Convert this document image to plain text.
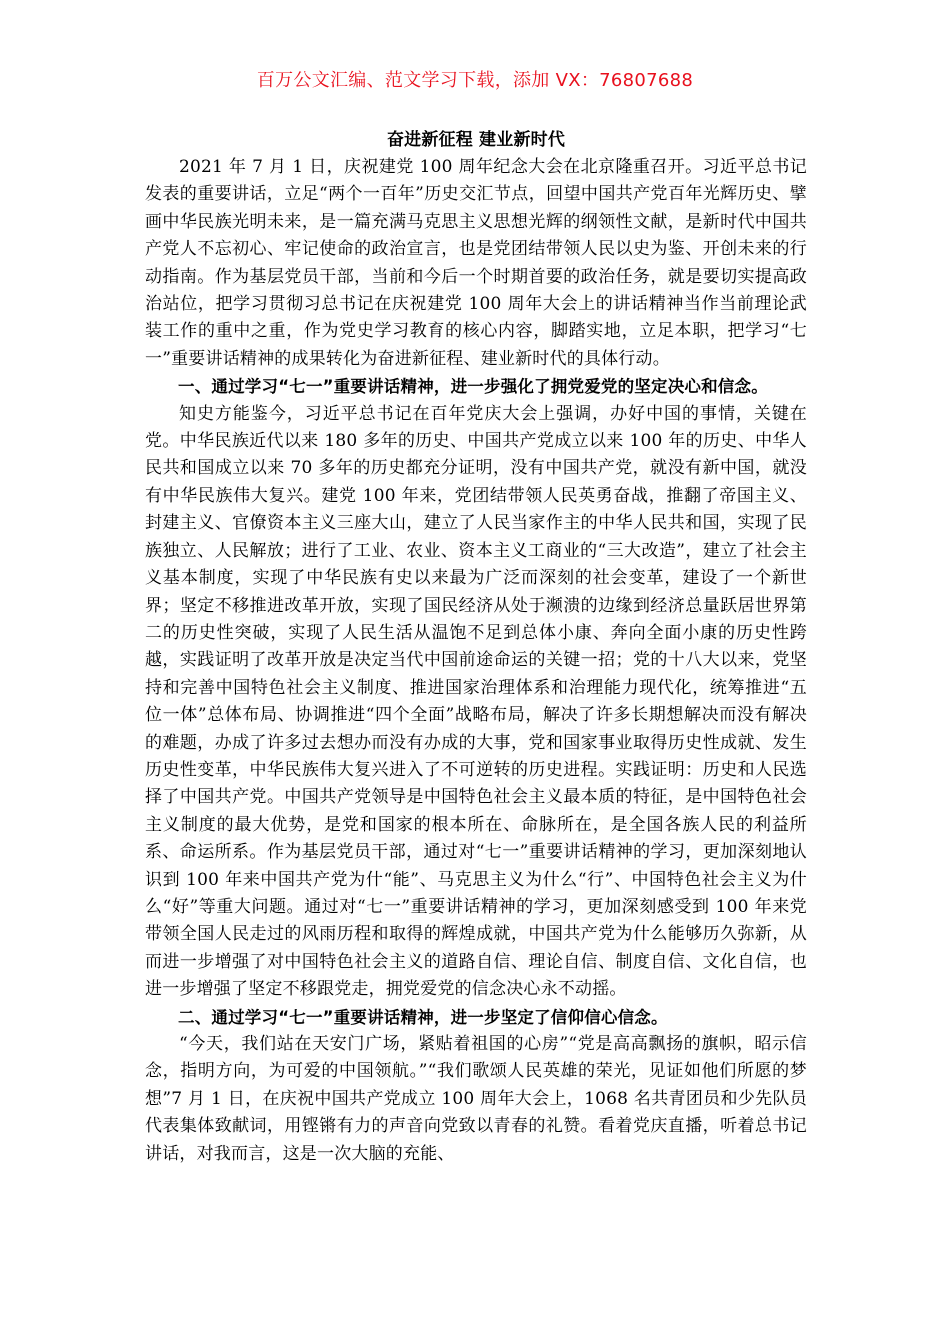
百万公文汇编、范文学习下载，添加 VX：76807688
奋进新征程 建业新时代

2021 年 7 月 1 日，庆祝建党 100 周年纪念大会在北京隆重召开。习近平总书记发表的重要讲话，立足“两个一百年”历史交汇节点，回望中国共产党百年光辉历史、擘画中华民族光明未来，是一篇充满马克思主义思想光辉的纲领性文献，是新时代中国共产党人不忘初心、牢记使命的政治宣言，也是党团结带领人民以史为鉴、开创未来的行动指南。作为基层党员干部，当前和今后一个时期首要的政治任务，就是要切实提高政治站位，把学习贯彻习总书记在庆祝建党 100 周年大会上的讲话精神当作当前理论武装工作的重中之重，作为党史学习教育的核心内容，脚踏实地，立足本职，把学习“七一”重要讲话精神的成果转化为奋进新征程、建业新时代的具体行动。

一、通过学习“七一”重要讲话精神，进一步强化了拥党爱党的坚定决心和信念。

知史方能鉴今，习近平总书记在百年党庆大会上强调，办好中国的事情，关键在党。中华民族近代以来 180 多年的历史、中国共产党成立以来 100 年的历史、中华人民共和国成立以来 70 多年的历史都充分证明，没有中国共产党，就没有新中国，就没有中华民族伟大复兴。建党 100 年来，党团结带领人民英勇奋战，推翻了帝国主义、封建主义、官僚资本主义三座大山，建立了人民当家作主的中华人民共和国，实现了民族独立、人民解放；进行了工业、农业、资本主义工商业的“三大改造”，建立了社会主义基本制度，实现了中华民族有史以来最为广泛而深刻的社会变革，建设了一个新世界；坚定不移推进改革开放，实现了国民经济从处于濒溃的边缘到经济总量跃居世界第二的历史性突破，实现了人民生活从温饱不足到总体小康、奔向全面小康的历史性跨越，实践证明了改革开放是决定当代中国前途命运的关键一招；党的十八大以来，党坚持和完善中国特色社会主义制度、推进国家治理体系和治理能力现代化，统筹推进“五位一体”总体布局、协调推进“四个全面”战略布局，解决了许多长期想解决而没有解决的难题，办成了许多过去想办而没有办成的大事，党和国家事业取得历史性成就、发生历史性变革，中华民族伟大复兴进入了不可逆转的历史进程。实践证明：历史和人民选择了中国共产党。中国共产党领导是中国特色社会主义最本质的特征，是中国特色社会主义制度的最大优势，是党和国家的根本所在、命脉所在，是全国各族人民的利益所系、命运所系。作为基层党员干部，通过对“七一”重要讲话精神的学习，更加深刻地认识到 100 年来中国共产党为什“能”、马克思主义为什么“行”、中国特色社会主义为什么“好”等重大问题。通过对“七一”重要讲话精神的学习，更加深刻感受到 100 年来党带领全国人民走过的风雨历程和取得的辉煌成就，中国共产党为什么能够历久弥新，从而进一步增强了对中国特色社会主义的道路自信、理论自信、制度自信、文化自信，也进一步增强了坚定不移跟党走，拥党爱党的信念决心永不动摇。

二、通过学习“七一”重要讲话精神，进一步坚定了信仰信心信念。

“今天，我们站在天安门广场，紧贴着祖国的心房”“党是高高飘扬的旗帜，昭示信念，指明方向，为可爱的中国领航。”“我们歌颂人民英雄的荣光，见证如他们所愿的梦想”7 月 1 日，在庆祝中国共产党成立 100 周年大会上，1068 名共青团员和少先队员代表集体致献词，用铿锵有力的声音向党致以青春的礼赞。看着党庆直播，听着总书记讲话，对我而言，这是一次大脑的充能、
